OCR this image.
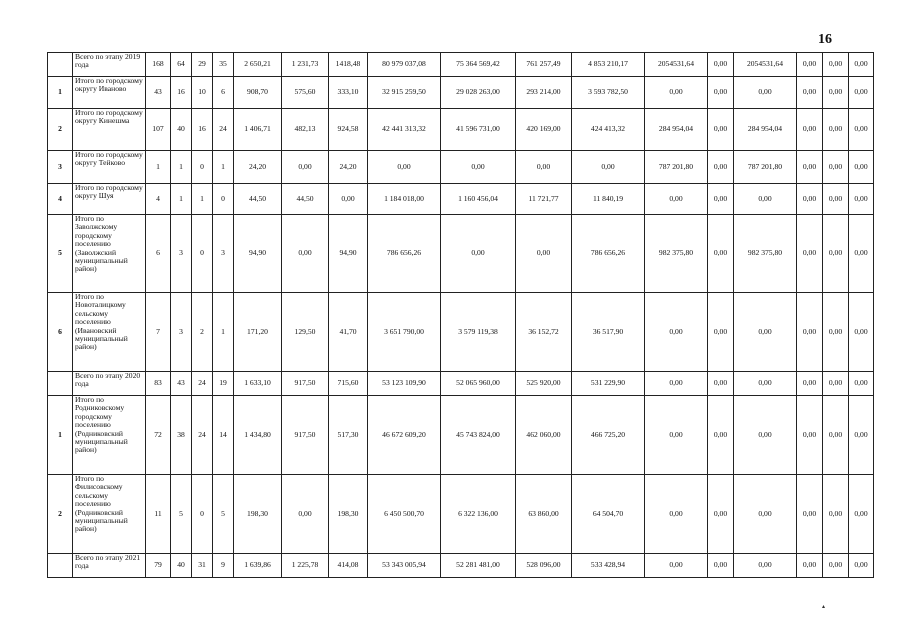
16
	Всего по этапу 2019 года	168	64	29	35	2 650,21	1 231,73	1418,48	80 979 037,08	75 364 569,42	761 257,49	4 853 210,17	2054531,64	0,00	2054531,64	0,00	0,00	0,00
1	Итого по городскому округу Иваново	43	16	10	6	908,70	575,60	333,10	32 915 259,50	29 028 263,00	293 214,00	3 593 782,50	0,00	0,00	0,00	0,00	0,00	0,00
2	Итого по городскому округу Кинешма	107	40	16	24	1 406,71	482,13	924,58	42 441 313,32	41 596 731,00	420 169,00	424 413,32	284 954,04	0,00	284 954,04	0,00	0,00	0,00
3	Итого по городскому округу Тейково	1	1	0	1	24,20	0,00	24,20	0,00	0,00	0,00	0,00	787 201,80	0,00	787 201,80	0,00	0,00	0,00
4	Итого по городскому округу Шуя	4	1	1	0	44,50	44,50	0,00	1 184 018,00	1 160 456,04	11 721,77	11 840,19	0,00	0,00	0,00	0,00	0,00	0,00
5	Итого по Заволжскому городскому поселению (Заволжский муниципальный район)	6	3	0	3	94,90	0,00	94,90	786 656,26	0,00	0,00	786 656,26	982 375,80	0,00	982 375,80	0,00	0,00	0,00
6	Итого по Новоталицкому сельскому поселению (Ивановский муниципальный район)	7	3	2	1	171,20	129,50	41,70	3 651 790,00	3 579 119,38	36 152,72	36 517,90	0,00	0,00	0,00	0,00	0,00	0,00
	Всего по этапу 2020 года	83	43	24	19	1 633,10	917,50	715,60	53 123 109,90	52 065 960,00	525 920,00	531 229,90	0,00	0,00	0,00	0,00	0,00	0,00
1	Итого по Родниковскому городскому поселению (Родниковский муниципальный район)	72	38	24	14	1 434,80	917,50	517,30	46 672 609,20	45 743 824,00	462 060,00	466 725,20	0,00	0,00	0,00	0,00	0,00	0,00
2	Итого по Филисовскому сельскому поселению (Родниковский муниципальный район)	11	5	0	5	198,30	0,00	198,30	6 450 500,70	6 322 136,00	63 860,00	64 504,70	0,00	0,00	0,00	0,00	0,00	0,00
	Всего по этапу 2021 года	79	40	31	9	1 639,86	1 225,78	414,08	53 343 005,94	52 281 481,00	528 096,00	533 428,94	0,00	0,00	0,00	0,00	0,00	0,00
▴
